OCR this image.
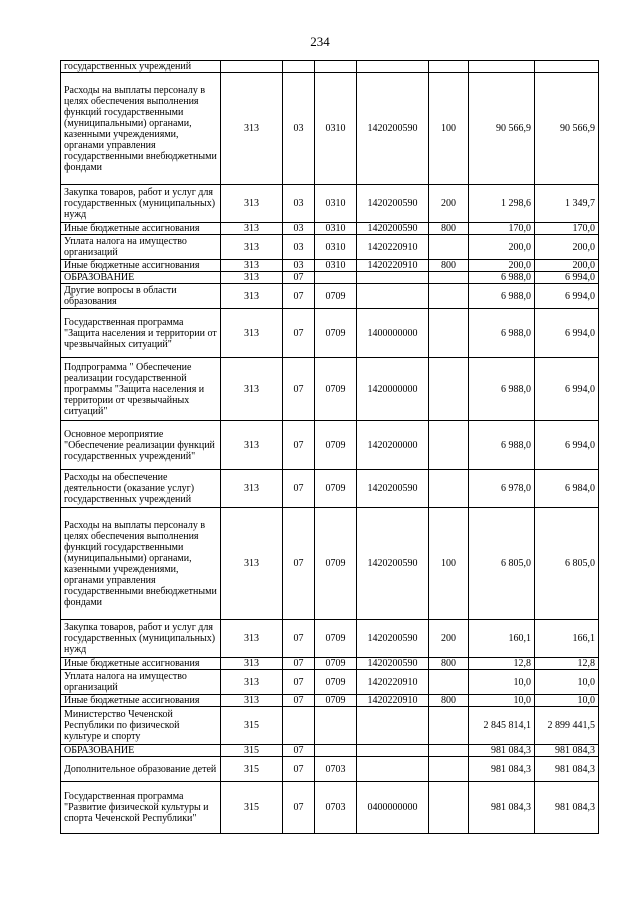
234
государственных учреждений							
Расходы на выплаты персоналу в целях обеспечения выполнения функций государственными (муниципальными) органами, казенными учреждениями, органами управления государственными внебюджетными фондами	313	03	0310	1420200590	100	90 566,9	90 566,9
Закупка товаров, работ и услуг для государственных (муниципальных) нужд	313	03	0310	1420200590	200	1 298,6	1 349,7
Иные бюджетные ассигнования	313	03	0310	1420200590	800	170,0	170,0
Уплата налога на имущество организаций	313	03	0310	1420220910		200,0	200,0
Иные бюджетные ассигнования	313	03	0310	1420220910	800	200,0	200,0
ОБРАЗОВАНИЕ	313	07				6 988,0	6 994,0
Другие вопросы в области образования	313	07	0709			6 988,0	6 994,0
Государственная программа "Защита населения и территории от чрезвычайных ситуаций"	313	07	0709	1400000000		6 988,0	6 994,0
Подпрограмма " Обеспечение реализации государственной программы "Защита населения и территории от чрезвычайных ситуаций"	313	07	0709	1420000000		6 988,0	6 994,0
Основное мероприятие "Обеспечение реализации функций государственных учреждений"	313	07	0709	1420200000		6 988,0	6 994,0
Расходы на обеспечение деятельности (оказание услуг) государственных учреждений	313	07	0709	1420200590		6 978,0	6 984,0
Расходы на выплаты персоналу в целях обеспечения выполнения функций государственными (муниципальными) органами, казенными учреждениями, органами управления государственными внебюджетными фондами	313	07	0709	1420200590	100	6 805,0	6 805,0
Закупка товаров, работ и услуг для государственных (муниципальных) нужд	313	07	0709	1420200590	200	160,1	166,1
Иные бюджетные ассигнования	313	07	0709	1420200590	800	12,8	12,8
Уплата налога на имущество организаций	313	07	0709	1420220910		10,0	10,0
Иные бюджетные ассигнования	313	07	0709	1420220910	800	10,0	10,0
Министерство Чеченской Республики по физической культуре и спорту	315					2 845 814,1	2 899 441,5
ОБРАЗОВАНИЕ	315	07				981 084,3	981 084,3
Дополнительное образование детей	315	07	0703			981 084,3	981 084,3
Государственная программа "Развитие физической культуры и спорта Чеченской Республики"	315	07	0703	0400000000		981 084,3	981 084,3
